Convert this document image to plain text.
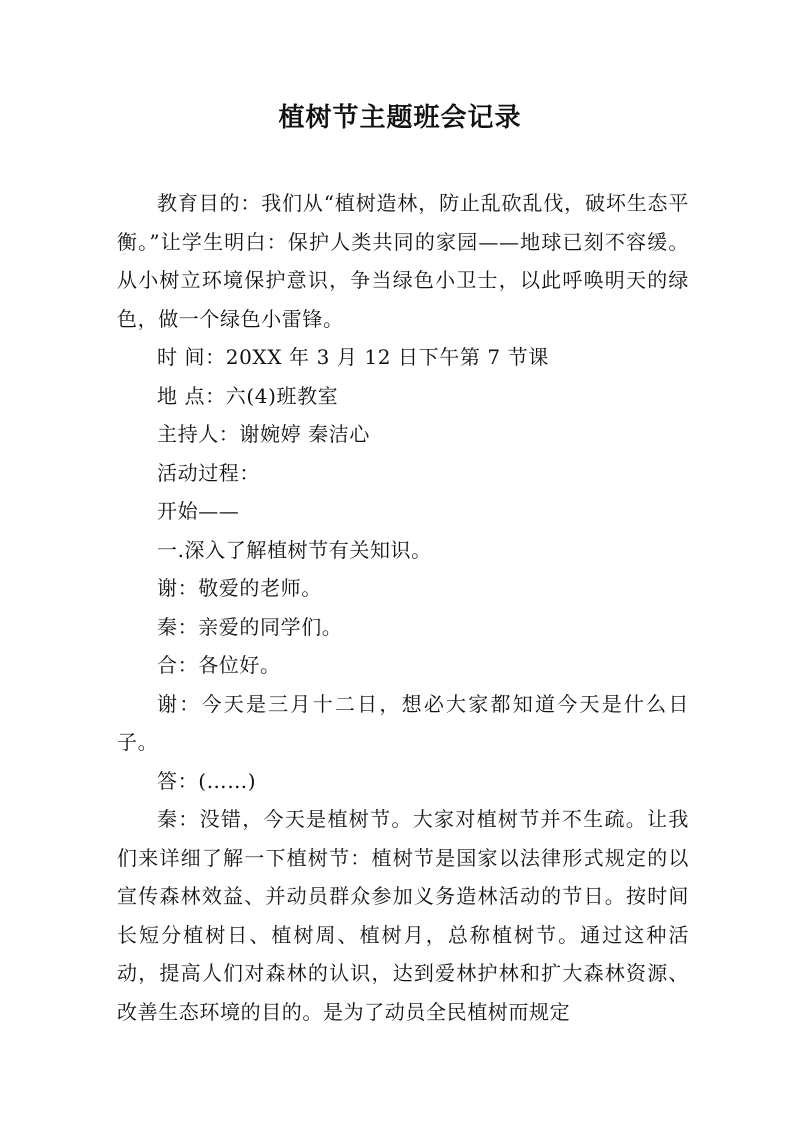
植树节主题班会记录

教育目的：我们从“植树造林，防止乱砍乱伐，破坏生态平衡。”让学生明白：保护人类共同的家园——地球已刻不容缓。从小树立环境保护意识，争当绿色小卫士，以此呼唤明天的绿色，做一个绿色小雷锋。

时 间：20XX 年 3 月 12 日下午第 7 节课

地 点：六(4)班教室

主持人：谢婉婷 秦洁心

活动过程：

开始——

一.深入了解植树节有关知识。

谢：敬爱的老师。

秦：亲爱的同学们。

合：各位好。

谢：今天是三月十二日，想必大家都知道今天是什么日子。

答：(……)

秦：没错，今天是植树节。大家对植树节并不生疏。让我们来详细了解一下植树节：植树节是国家以法律形式规定的以宣传森林效益、并动员群众参加义务造林活动的节日。按时间长短分植树日、植树周、植树月，总称植树节。通过这种活动，提高人们对森林的认识，达到爱林护林和扩大森林资源、改善生态环境的目的。是为了动员全民植树而规定
